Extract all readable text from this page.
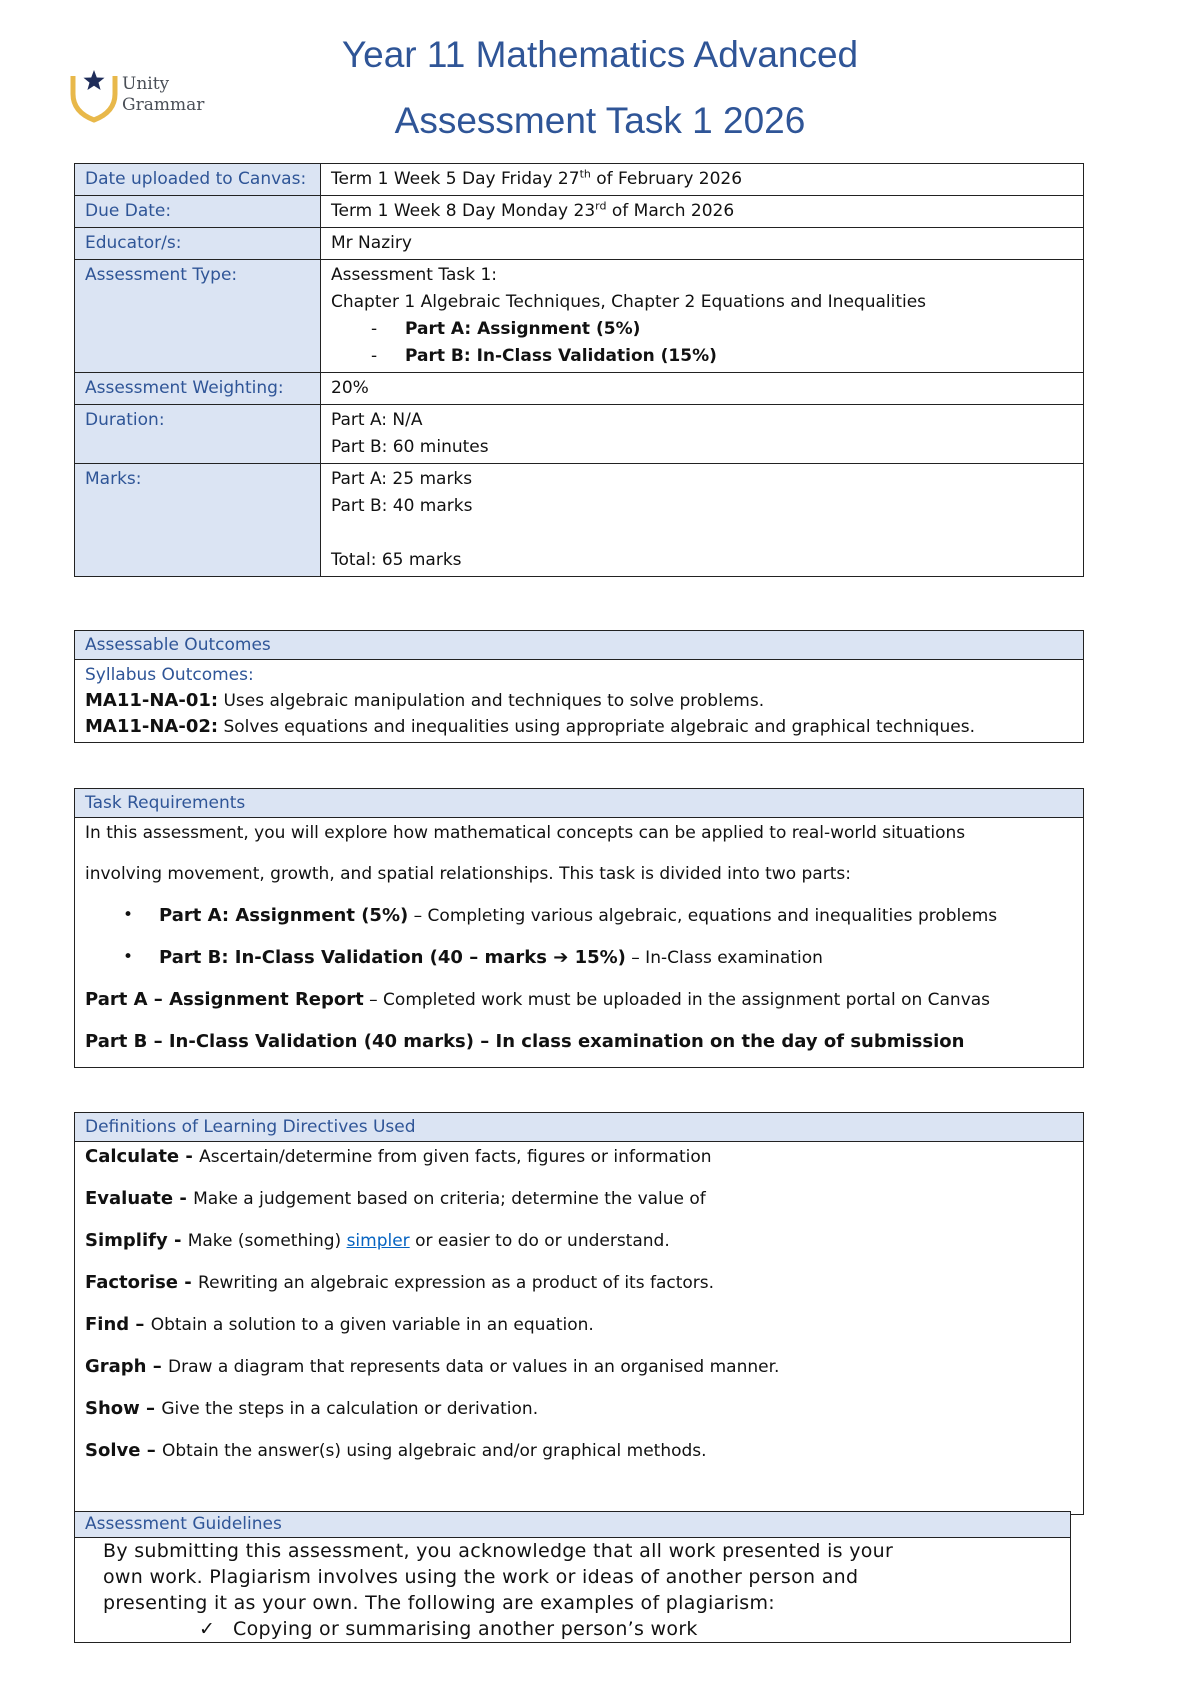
Unity
Grammar
Year 11 Mathematics Advanced
Assessment Task 1 2026
Date uploaded to Canvas:	Term 1 Week 5 Day Friday 27th of February 2026
Due Date:	Term 1 Week 8 Day Monday 23rd of March 2026
Educator/s:	Mr Naziry
Assessment Type:	Assessment Task 1:
Chapter 1 Algebraic Techniques, Chapter 2 Equations and Inequalities
- Part A: Assignment (5%)
- Part B: In-Class Validation (15%)

Assessment Weighting:	20%
Duration:	Part A: N/A
Part B: 60 minutes

Marks:	Part A: 25 marks
Part B: 40 marks

Total: 65 marks
Assessable Outcomes
Syllabus Outcomes:
MA11-NA-01: Uses algebraic manipulation and techniques to solve problems.
MA11-NA-02: Solves equations and inequalities using appropriate algebraic and graphical techniques.
Task Requirements
In this assessment, you will explore how mathematical concepts can be applied to real-world situations
involving movement, growth, and spatial relationships. This task is divided into two parts:
• Part A: Assignment (5%) – Completing various algebraic, equations and inequalities problems
• Part B: In-Class Validation (40 – marks ➔ 15%) – In-Class examination
Part A – Assignment Report – Completed work must be uploaded in the assignment portal on Canvas
Part B – In-Class Validation (40 marks) – In class examination on the day of submission
Definitions of Learning Directives Used
Calculate - Ascertain/determine from given facts, figures or information
Evaluate - Make a judgement based on criteria; determine the value of
Simplify - Make (something) simpler or easier to do or understand.
Factorise - Rewriting an algebraic expression as a product of its factors.
Find – Obtain a solution to a given variable in an equation.
Graph – Draw a diagram that represents data or values in an organised manner.
Show – Give the steps in a calculation or derivation.
Solve – Obtain the answer(s) using algebraic and/or graphical methods.
Assessment Guidelines
By submitting this assessment, you acknowledge that all work presented is your
own work. Plagiarism involves using the work or ideas of another person and
presenting it as your own. The following are examples of plagiarism:
✓ Copying or summarising another person’s work
